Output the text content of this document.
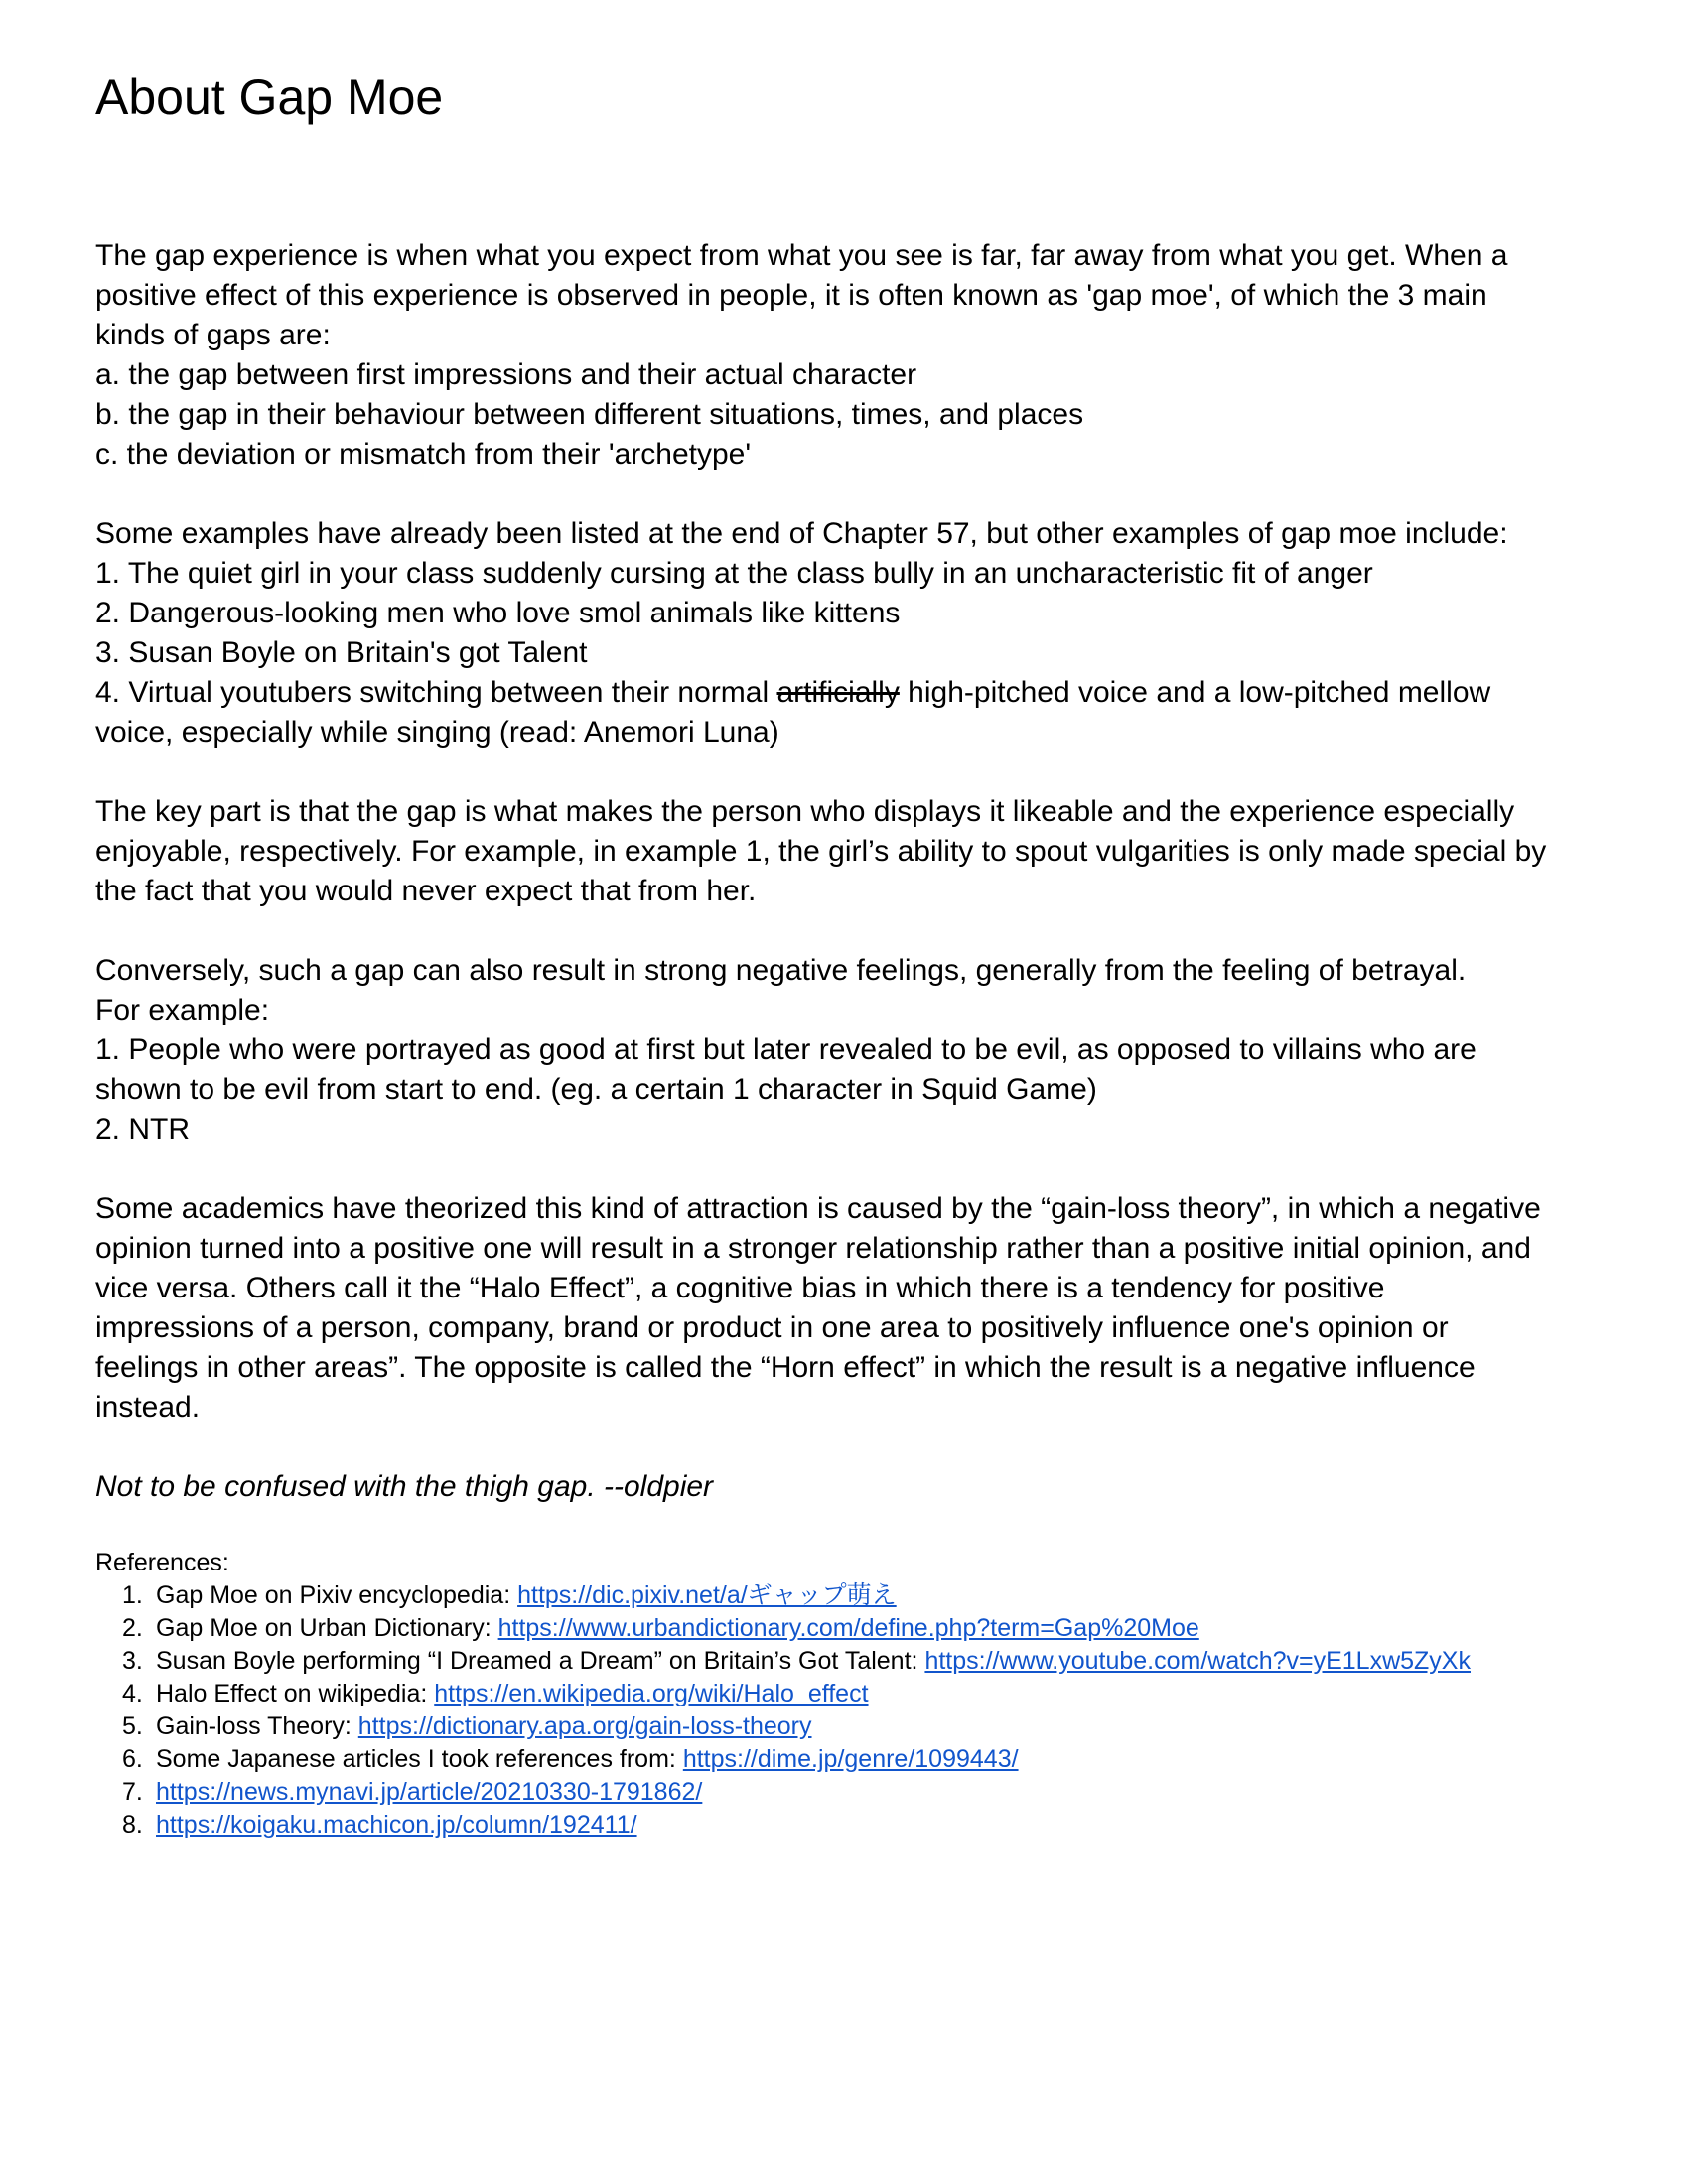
About Gap Moe
The gap experience is when what you expect from what you see is far, far away from what you get. When a
positive effect of this experience is observed in people, it is often known as 'gap moe', of which the 3 main
kinds of gaps are:
a. the gap between first impressions and their actual character
b. the gap in their behaviour between different situations, times, and places
c. the deviation or mismatch from their 'archetype'
Some examples have already been listed at the end of Chapter 57, but other examples of gap moe include:
1. The quiet girl in your class suddenly cursing at the class bully in an uncharacteristic fit of anger
2. Dangerous-looking men who love smol animals like kittens
3. Susan Boyle on Britain's got Talent
4. Virtual youtubers switching between their normal artificially high-pitched voice and a low-pitched mellow
voice, especially while singing (read: Anemori Luna)
The key part is that the gap is what makes the person who displays it likeable and the experience especially
enjoyable, respectively. For example, in example 1, the girl’s ability to spout vulgarities is only made special by
the fact that you would never expect that from her.
Conversely, such a gap can also result in strong negative feelings, generally from the feeling of betrayal.
For example:
1. People who were portrayed as good at first but later revealed to be evil, as opposed to villains who are
shown to be evil from start to end. (eg. a certain 1 character in Squid Game)
2. NTR
Some academics have theorized this kind of attraction is caused by the “gain-loss theory”, in which a negative
opinion turned into a positive one will result in a stronger relationship rather than a positive initial opinion, and
vice versa. Others call it the “Halo Effect”, a cognitive bias in which there is a tendency for positive
impressions of a person, company, brand or product in one area to positively influence one's opinion or
feelings in other areas”. The opposite is called the “Horn effect” in which the result is a negative influence
instead.
Not to be confused with the thigh gap. --oldpier
References:
1. Gap Moe on Pixiv encyclopedia: https://dic.pixiv.net/a/ギャップ萌え
2. Gap Moe on Urban Dictionary: https://www.urbandictionary.com/define.php?term=Gap%20Moe
3. Susan Boyle performing “I Dreamed a Dream” on Britain’s Got Talent: https://www.youtube.com/watch?v=yE1Lxw5ZyXk
4. Halo Effect on wikipedia: https://en.wikipedia.org/wiki/Halo_effect
5. Gain-loss Theory: https://dictionary.apa.org/gain-loss-theory
6. Some Japanese articles I took references from: https://dime.jp/genre/1099443/
7. https://news.mynavi.jp/article/20210330-1791862/
8. https://koigaku.machicon.jp/column/192411/
